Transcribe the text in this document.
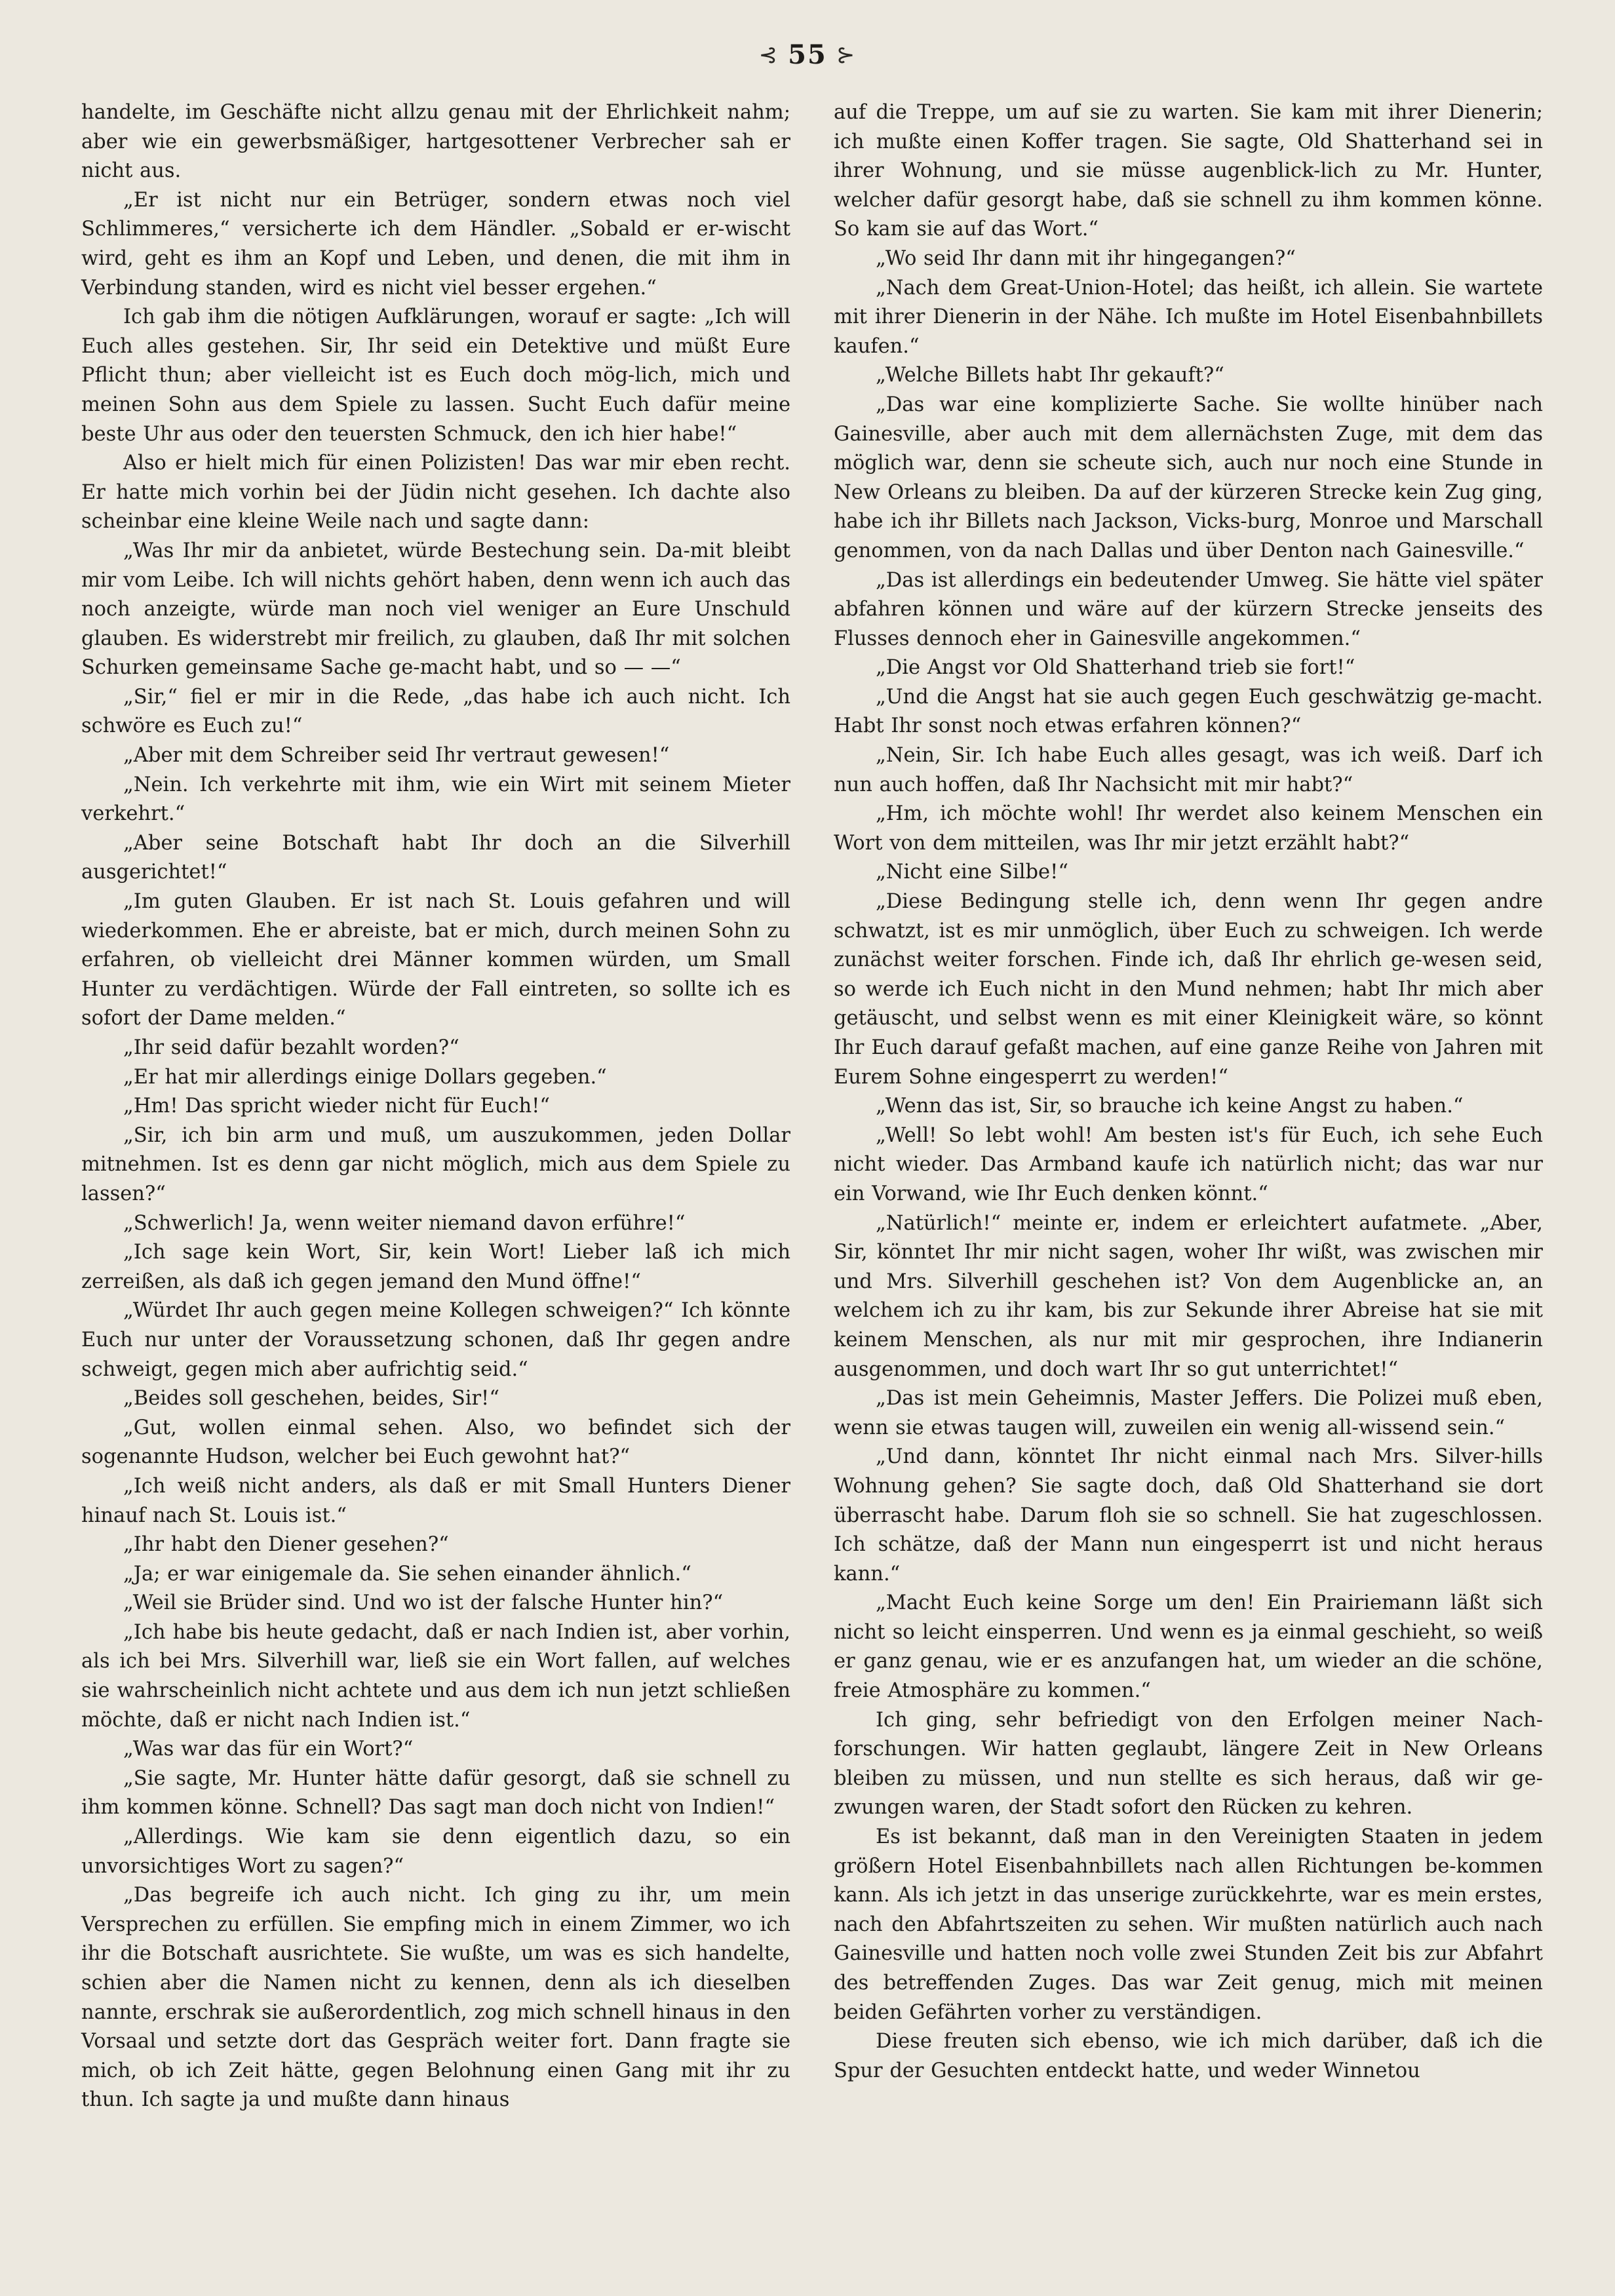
⊰ 55 ⊱

handelte, im Geschäfte nicht allzu genau mit der Ehrlichkeit nahm; aber wie ein gewerbsmäßiger, hartgesottener Verbrecher sah er nicht aus.

„Er ist nicht nur ein Betrüger, sondern etwas noch viel Schlimmeres,“ versicherte ich dem Händler. „Sobald er er-wischt wird, geht es ihm an Kopf und Leben, und denen, die mit ihm in Verbindung standen, wird es nicht viel besser ergehen.“

Ich gab ihm die nötigen Aufklärungen, worauf er sagte: „Ich will Euch alles gestehen. Sir, Ihr seid ein Detektive und müßt Eure Pflicht thun; aber vielleicht ist es Euch doch mög-lich, mich und meinen Sohn aus dem Spiele zu lassen. Sucht Euch dafür meine beste Uhr aus oder den teuersten Schmuck, den ich hier habe!“

Also er hielt mich für einen Polizisten! Das war mir eben recht. Er hatte mich vorhin bei der Jüdin nicht gesehen. Ich dachte also scheinbar eine kleine Weile nach und sagte dann:

„Was Ihr mir da anbietet, würde Bestechung sein. Da-mit bleibt mir vom Leibe. Ich will nichts gehört haben, denn wenn ich auch das noch anzeigte, würde man noch viel weniger an Eure Unschuld glauben. Es widerstrebt mir freilich, zu glauben, daß Ihr mit solchen Schurken gemeinsame Sache ge-macht habt, und so — —“

„Sir,“ fiel er mir in die Rede, „das habe ich auch nicht. Ich schwöre es Euch zu!“

„Aber mit dem Schreiber seid Ihr vertraut gewesen!“

„Nein. Ich verkehrte mit ihm, wie ein Wirt mit seinem Mieter verkehrt.“

„Aber seine Botschaft habt Ihr doch an die Silverhill ausgerichtet!“

„Im guten Glauben. Er ist nach St. Louis gefahren und will wiederkommen. Ehe er abreiste, bat er mich, durch meinen Sohn zu erfahren, ob vielleicht drei Männer kommen würden, um Small Hunter zu verdächtigen. Würde der Fall eintreten, so sollte ich es sofort der Dame melden.“

„Ihr seid dafür bezahlt worden?“

„Er hat mir allerdings einige Dollars gegeben.“

„Hm! Das spricht wieder nicht für Euch!“

„Sir, ich bin arm und muß, um auszukommen, jeden Dollar mitnehmen. Ist es denn gar nicht möglich, mich aus dem Spiele zu lassen?“

„Schwerlich! Ja, wenn weiter niemand davon erführe!“

„Ich sage kein Wort, Sir, kein Wort! Lieber laß ich mich zerreißen, als daß ich gegen jemand den Mund öffne!“

„Würdet Ihr auch gegen meine Kollegen schweigen?“ Ich könnte Euch nur unter der Voraussetzung schonen, daß Ihr gegen andre schweigt, gegen mich aber aufrichtig seid.“

„Beides soll geschehen, beides, Sir!“

„Gut, wollen einmal sehen. Also, wo befindet sich der sogenannte Hudson, welcher bei Euch gewohnt hat?“

„Ich weiß nicht anders, als daß er mit Small Hunters Diener hinauf nach St. Louis ist.“

„Ihr habt den Diener gesehen?“

„Ja; er war einigemale da. Sie sehen einander ähnlich.“

„Weil sie Brüder sind. Und wo ist der falsche Hunter hin?“

„Ich habe bis heute gedacht, daß er nach Indien ist, aber vorhin, als ich bei Mrs. Silverhill war, ließ sie ein Wort fallen, auf welches sie wahrscheinlich nicht achtete und aus dem ich nun jetzt schließen möchte, daß er nicht nach Indien ist.“

„Was war das für ein Wort?“

„Sie sagte, Mr. Hunter hätte dafür gesorgt, daß sie schnell zu ihm kommen könne. Schnell? Das sagt man doch nicht von Indien!“

„Allerdings. Wie kam sie denn eigentlich dazu, so ein unvorsichtiges Wort zu sagen?“

„Das begreife ich auch nicht. Ich ging zu ihr, um mein Versprechen zu erfüllen. Sie empfing mich in einem Zimmer, wo ich ihr die Botschaft ausrichtete. Sie wußte, um was es sich handelte, schien aber die Namen nicht zu kennen, denn als ich dieselben nannte, erschrak sie außerordentlich, zog mich schnell hinaus in den Vorsaal und setzte dort das Gespräch weiter fort. Dann fragte sie mich, ob ich Zeit hätte, gegen Belohnung einen Gang mit ihr zu thun. Ich sagte ja und mußte dann hinaus

auf die Treppe, um auf sie zu warten. Sie kam mit ihrer Dienerin; ich mußte einen Koffer tragen. Sie sagte, Old Shatterhand sei in ihrer Wohnung, und sie müsse augenblick-lich zu Mr. Hunter, welcher dafür gesorgt habe, daß sie schnell zu ihm kommen könne. So kam sie auf das Wort.“

„Wo seid Ihr dann mit ihr hingegangen?“

„Nach dem Great-Union-Hotel; das heißt, ich allein. Sie wartete mit ihrer Dienerin in der Nähe. Ich mußte im Hotel Eisenbahnbillets kaufen.“

„Welche Billets habt Ihr gekauft?“

„Das war eine komplizierte Sache. Sie wollte hinüber nach Gainesville, aber auch mit dem allernächsten Zuge, mit dem das möglich war, denn sie scheute sich, auch nur noch eine Stunde in New Orleans zu bleiben. Da auf der kürzeren Strecke kein Zug ging, habe ich ihr Billets nach Jackson, Vicks-burg, Monroe und Marschall genommen, von da nach Dallas und über Denton nach Gainesville.“

„Das ist allerdings ein bedeutender Umweg. Sie hätte viel später abfahren können und wäre auf der kürzern Strecke jenseits des Flusses dennoch eher in Gainesville angekommen.“

„Die Angst vor Old Shatterhand trieb sie fort!“

„Und die Angst hat sie auch gegen Euch geschwätzig ge-macht. Habt Ihr sonst noch etwas erfahren können?“

„Nein, Sir. Ich habe Euch alles gesagt, was ich weiß. Darf ich nun auch hoffen, daß Ihr Nachsicht mit mir habt?“

„Hm, ich möchte wohl! Ihr werdet also keinem Menschen ein Wort von dem mitteilen, was Ihr mir jetzt erzählt habt?“

„Nicht eine Silbe!“

„Diese Bedingung stelle ich, denn wenn Ihr gegen andre schwatzt, ist es mir unmöglich, über Euch zu schweigen. Ich werde zunächst weiter forschen. Finde ich, daß Ihr ehrlich ge-wesen seid, so werde ich Euch nicht in den Mund nehmen; habt Ihr mich aber getäuscht, und selbst wenn es mit einer Kleinigkeit wäre, so könnt Ihr Euch darauf gefaßt machen, auf eine ganze Reihe von Jahren mit Eurem Sohne eingesperrt zu werden!“

„Wenn das ist, Sir, so brauche ich keine Angst zu haben.“

„Well! So lebt wohl! Am besten ist's für Euch, ich sehe Euch nicht wieder. Das Armband kaufe ich natürlich nicht; das war nur ein Vorwand, wie Ihr Euch denken könnt.“

„Natürlich!“ meinte er, indem er erleichtert aufatmete. „Aber, Sir, könntet Ihr mir nicht sagen, woher Ihr wißt, was zwischen mir und Mrs. Silverhill geschehen ist? Von dem Augenblicke an, an welchem ich zu ihr kam, bis zur Sekunde ihrer Abreise hat sie mit keinem Menschen, als nur mit mir gesprochen, ihre Indianerin ausgenommen, und doch wart Ihr so gut unterrichtet!“

„Das ist mein Geheimnis, Master Jeffers. Die Polizei muß eben, wenn sie etwas taugen will, zuweilen ein wenig all-wissend sein.“

„Und dann, könntet Ihr nicht einmal nach Mrs. Silver-hills Wohnung gehen? Sie sagte doch, daß Old Shatterhand sie dort überrascht habe. Darum floh sie so schnell. Sie hat zugeschlossen. Ich schätze, daß der Mann nun eingesperrt ist und nicht heraus kann.“

„Macht Euch keine Sorge um den! Ein Prairiemann läßt sich nicht so leicht einsperren. Und wenn es ja einmal geschieht, so weiß er ganz genau, wie er es anzufangen hat, um wieder an die schöne, freie Atmosphäre zu kommen.“

Ich ging, sehr befriedigt von den Erfolgen meiner Nach-forschungen. Wir hatten geglaubt, längere Zeit in New Orleans bleiben zu müssen, und nun stellte es sich heraus, daß wir ge-zwungen waren, der Stadt sofort den Rücken zu kehren.

Es ist bekannt, daß man in den Vereinigten Staaten in jedem größern Hotel Eisenbahnbillets nach allen Richtungen be-kommen kann. Als ich jetzt in das unserige zurückkehrte, war es mein erstes, nach den Abfahrtszeiten zu sehen. Wir mußten natürlich auch nach Gainesville und hatten noch volle zwei Stunden Zeit bis zur Abfahrt des betreffenden Zuges. Das war Zeit genug, mich mit meinen beiden Gefährten vorher zu verständigen.

Diese freuten sich ebenso, wie ich mich darüber, daß ich die Spur der Gesuchten entdeckt hatte, und weder Winnetou
